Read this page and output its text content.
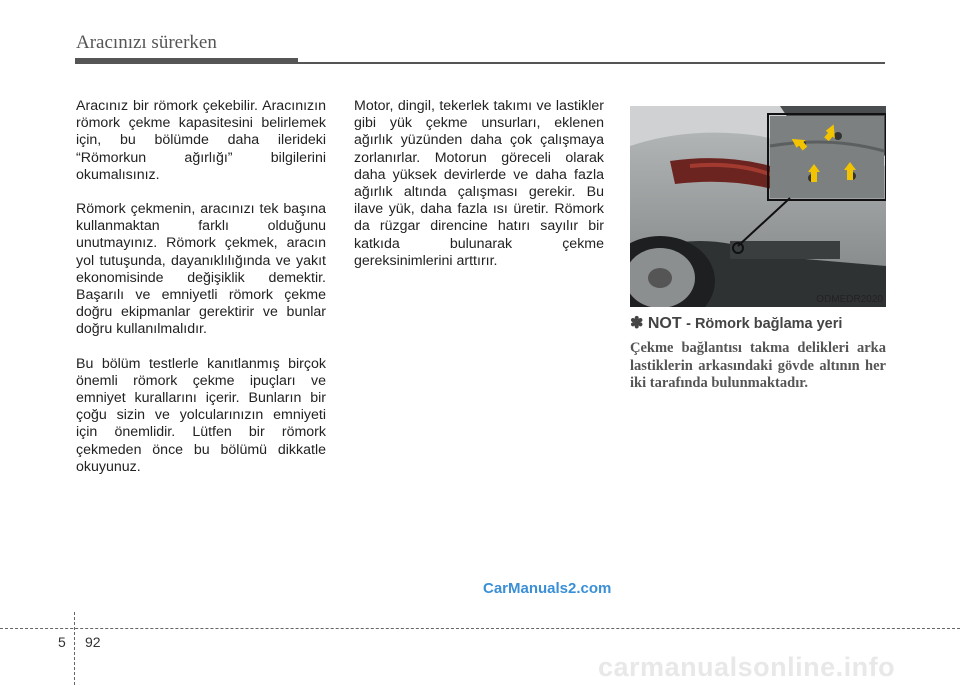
Aracınızı sürerken

Aracınız bir römork çekebilir. Aracınızın römork çekme kapasitesini belirlemek için, bu bölümde daha ilerideki “Römorkun ağırlığı” bilgilerini okumalısınız.

Römork çekmenin, aracınızı tek başına kullanmaktan farklı olduğunu unutmayınız. Römork çekmek, aracın yol tutuşunda, dayanıklılığında ve yakıt ekonomisinde değişiklik demektir. Başarılı ve emniyetli römork çekme doğru ekipmanlar gerektirir ve bunlar doğru kullanılmalıdır.

Bu bölüm testlerle kanıtlanmış birçok önemli römork çekme ipuçları ve emniyet kurallarını içerir. Bunların bir çoğu sizin ve yolcularınızın emniyeti için önemlidir. Lütfen bir römork çekmeden önce bu bölümü dikkatle okuyunuz.

Motor, dingil, tekerlek takımı ve lastikler gibi yük çekme unsurları, eklenen ağırlık yüzünden daha çok çalışmaya zorlanırlar. Motorun göreceli olarak daha yüksek devirlerde ve daha fazla ağırlık altında çalışması gerekir. Bu ilave yük, daha fazla ısı üretir. Römork da rüzgar direncine hatırı sayılır bir katkıda bulunarak çekme gereksinimlerini arttırır.

ODMEDR2020
✽ NOT - Römork bağlama yeri
Çekme bağlantısı takma delikleri arka lastiklerin arkasındaki gövde altının her iki tarafında bulunmaktadır.
CarManuals2.com
5 92
carmanualsonline.info
